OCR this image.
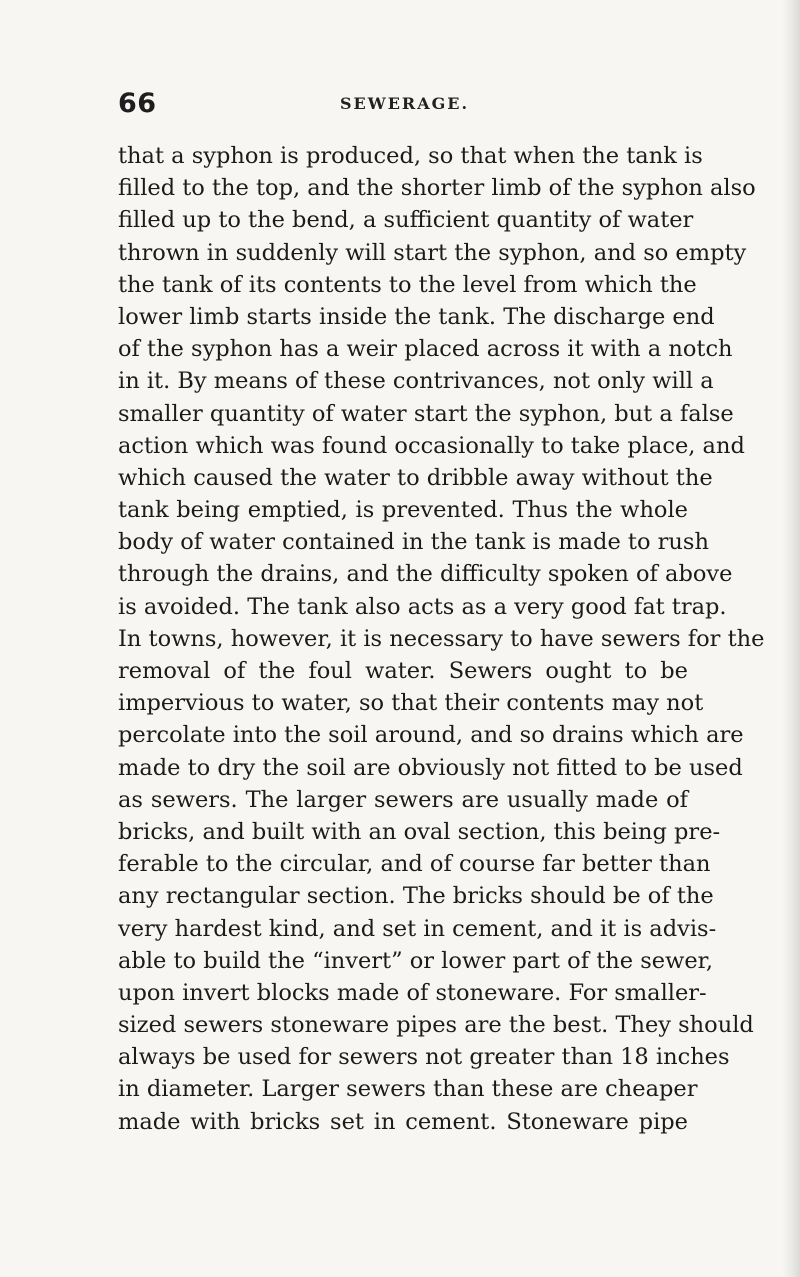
66	SEWERAGE.

that a syphon is produced, so that when the tank is
filled to the top, and the shorter limb of the syphon also
filled up to the bend, a sufficient quantity of water
thrown in suddenly will start the syphon, and so empty
the tank of its contents to the level from which the
lower limb starts inside the tank. The discharge end
of the syphon has a weir placed across it with a notch
in it. By means of these contrivances, not only will a
smaller quantity of water start the syphon, but a false
action which was found occasionally to take place, and
which caused the water to dribble away without the
tank being emptied, is prevented. Thus the whole
body of water contained in the tank is made to rush
through the drains, and the difficulty spoken of above
is avoided. The tank also acts as a very good fat trap.
In towns, however, it is necessary to have sewers for the
removal of the foul water. Sewers ought to be
impervious to water, so that their contents may not
percolate into the soil around, and so drains which are
made to dry the soil are obviously not fitted to be used
as sewers. The larger sewers are usually made of
bricks, and built with an oval section, this being pre-
ferable to the circular, and of course far better than
any rectangular section. The bricks should be of the
very hardest kind, and set in cement, and it is advis-
able to build the “invert” or lower part of the sewer,
upon invert blocks made of stoneware. For smaller-
sized sewers stoneware pipes are the best. They should
always be used for sewers not greater than 18 inches
in diameter. Larger sewers than these are cheaper
made with bricks set in cement. Stoneware pipe
